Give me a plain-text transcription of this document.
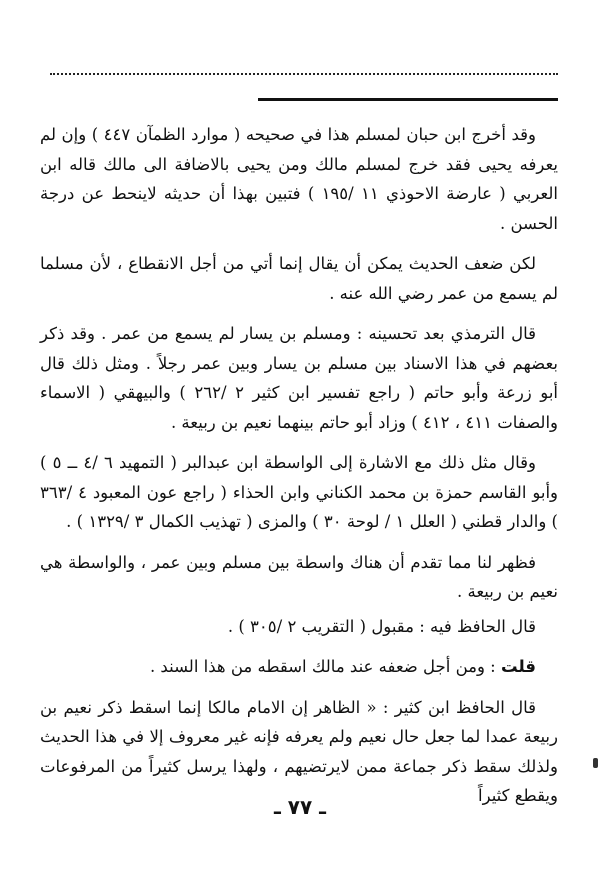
وقد أخرج ابن حبان لمسلم هذا في صحيحه ( موارد الظمآن ٤٤٧ ) وإن لم يعرفه يحيى فقد خرج لمسلم مالك ومن يحيى بالاضافة الى مالك قاله ابن العربي ( عارضة الاحوذي ١١ /١٩٥ ) فتبين بهذا أن حديثه لاينحط عن درجة الحسن .

لكن ضعف الحديث يمكن أن يقال إنما أتي من أجل الانقطاع ، لأن مسلما لم يسمع من عمر رضي الله عنه .

قال الترمذي بعد تحسينه : ومسلم بن يسار لم يسمع من عمر . وقد ذكر بعضهم في هذا الاسناد بين مسلم بن يسار وبين عمر رجلاً . ومثل ذلك قال أبو زرعة وأبو حاتم ( راجع تفسير ابن كثير ٢ /٢٦٢ ) والبيهقي ( الاسماء والصفات ٤١١ ، ٤١٢ ) وزاد أبو حاتم بينهما نعيم بن ربيعة .

وقال مثل ذلك مع الاشارة إلى الواسطة ابن عبدالبر ( التمهيد ٦ /٤ ــ ٥ ) وأبو القاسم حمزة بن محمد الكناني وابن الحذاء ( راجع عون المعبود ٤ /٣٦٣ ) والدار قطني ( العلل ١ / لوحة ٣٠ ) والمزى ( تهذيب الكمال ٣ /١٣٢٩ ) .

فظهر لنا مما تقدم أن هناك واسطة بين مسلم وبين عمر ، والواسطة هي نعيم بن ربيعة .

قال الحافظ فيه : مقبول ( التقريب ٢ /٣٠٥ ) .

قلت : ومن أجل ضعفه عند مالك اسقطه من هذا السند .

قال الحافظ ابن كثير : « الظاهر إن الامام مالكا إنما اسقط ذكر نعيم بن ربيعة عمدا لما جعل حال نعيم ولم يعرفه فإنه غير معروف إلا في هذا الحديث ولذلك سقط ذكر جماعة ممن لايرتضيهم ، ولهذا يرسل كثيراً من المرفوعات ويقطع كثيراً

ـ ٧٧ ـ
